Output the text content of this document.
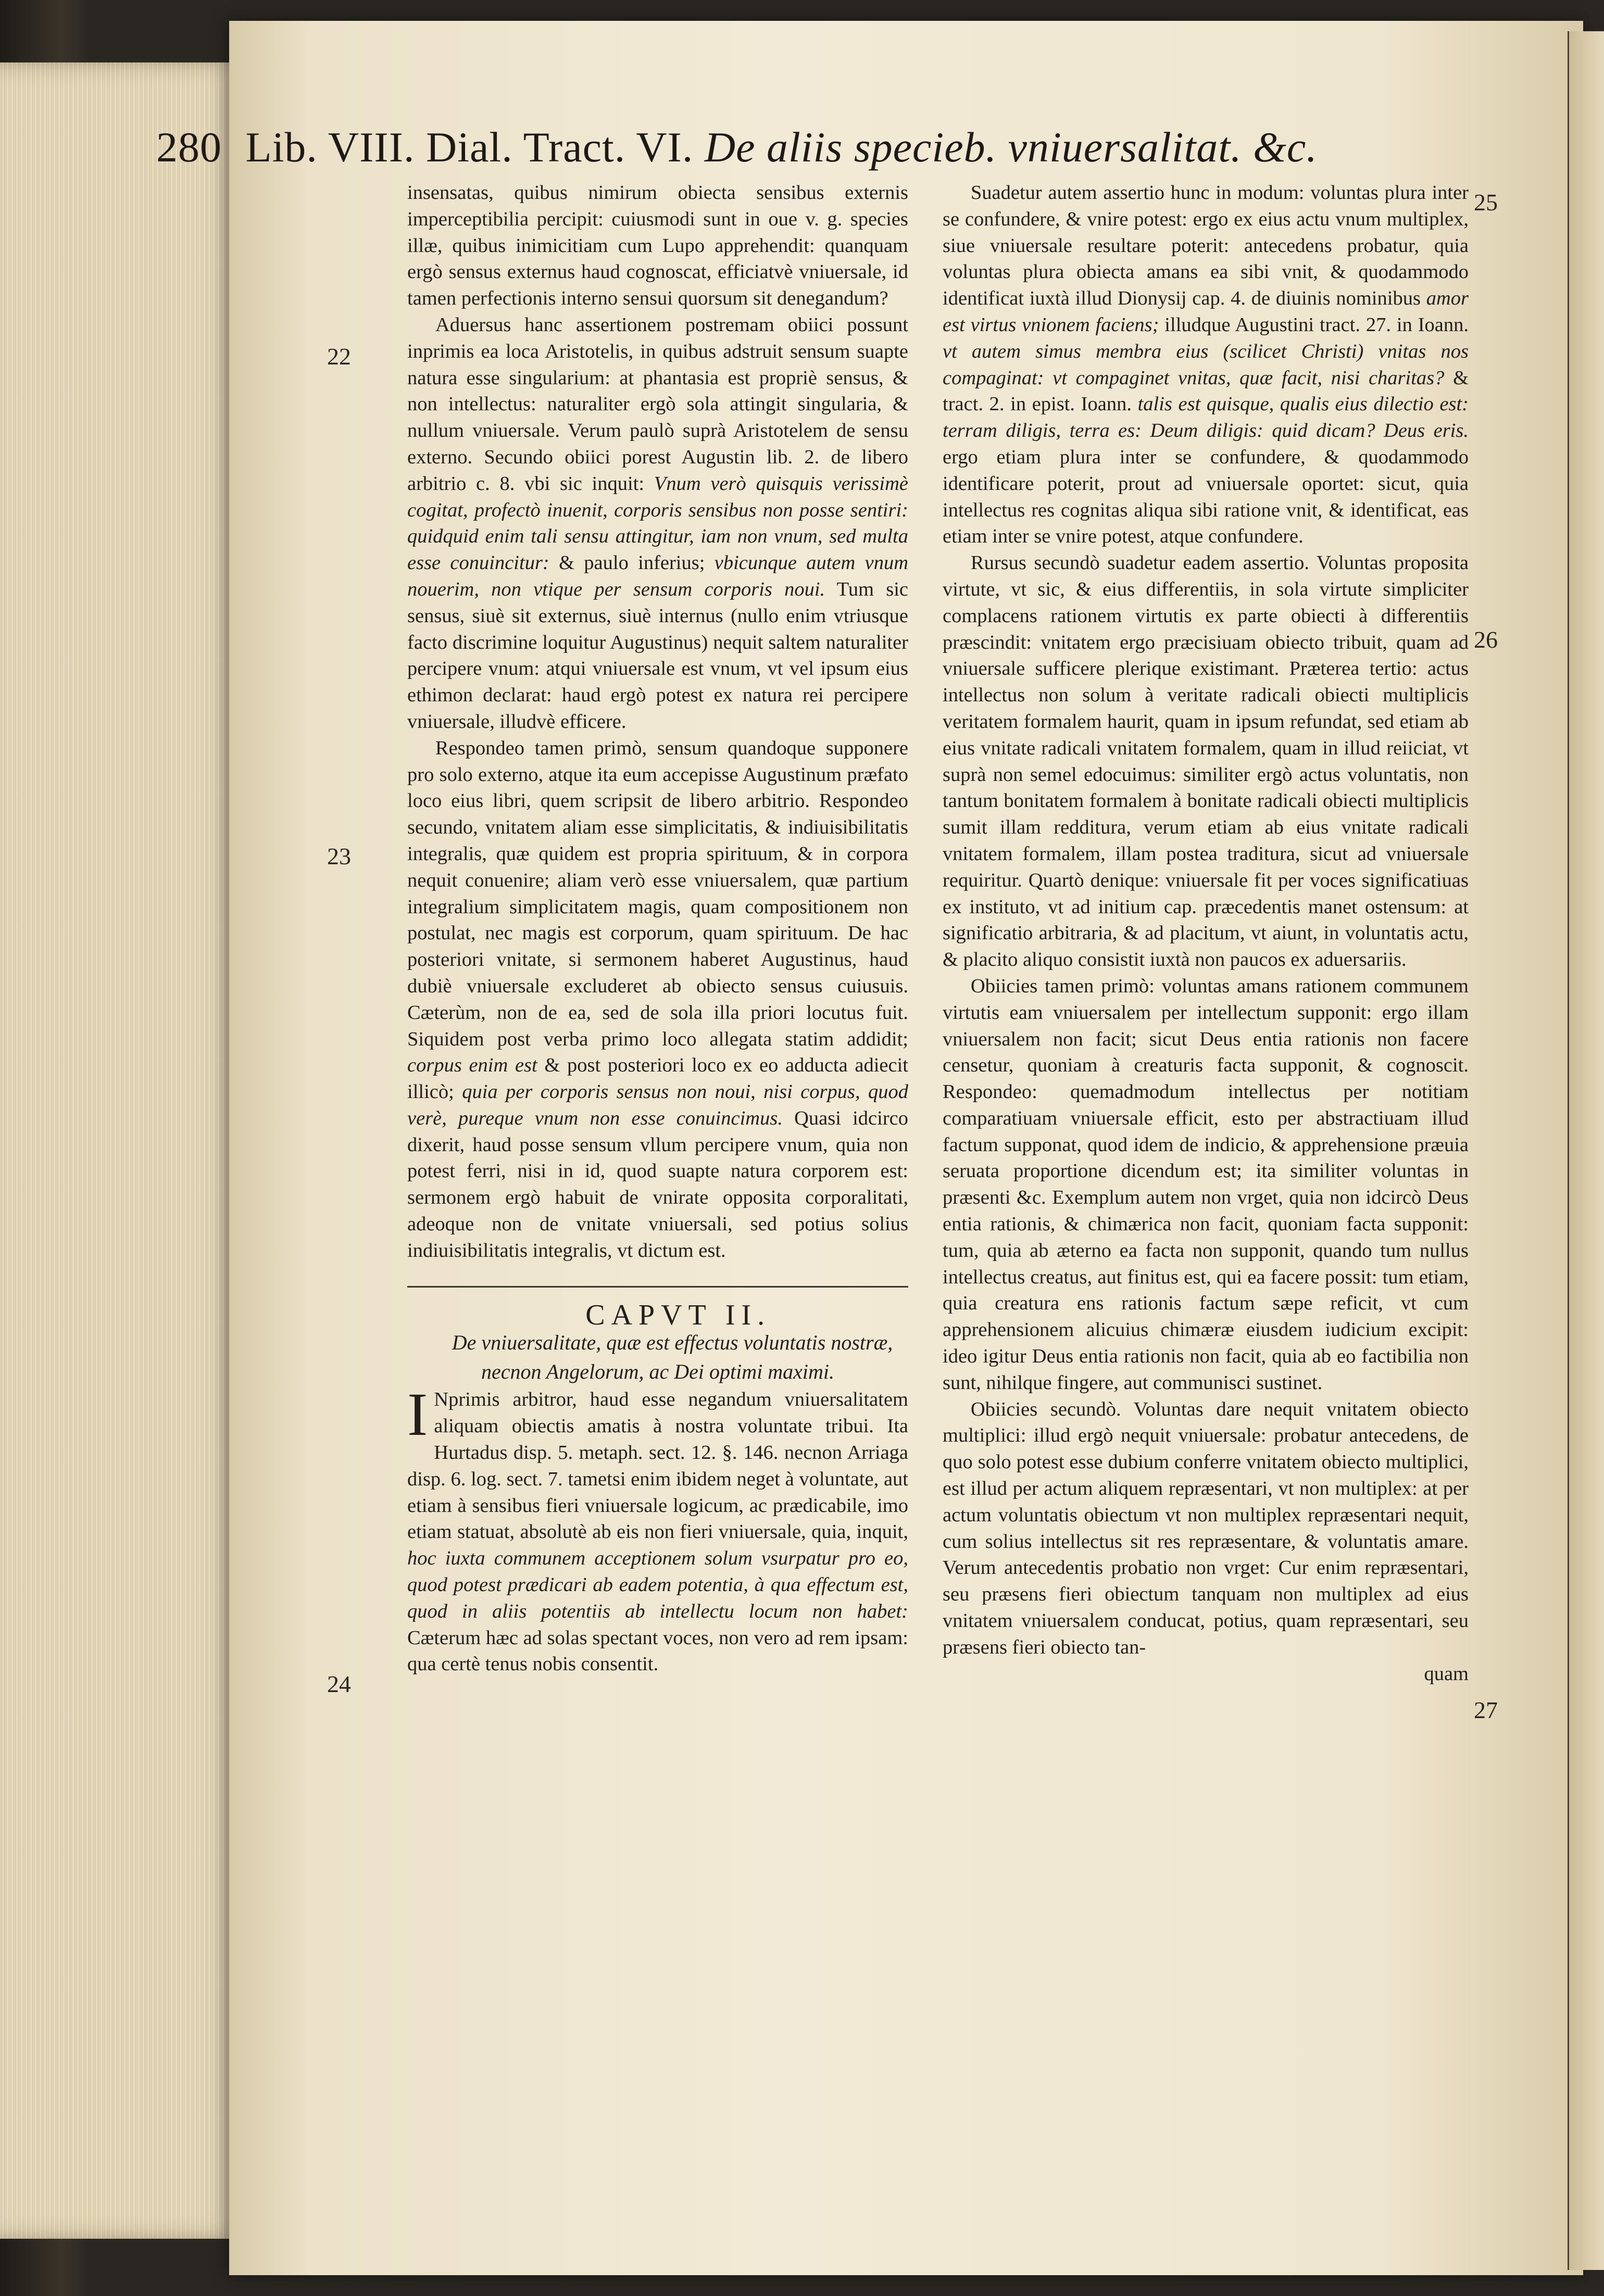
280 Lib. VIII. Dial. Tract. VI. De aliis specieb. vniuersalitat. &c.
22
23
24
25
26
27

insensatas, quibus nimirum obiecta sensibus externis imperceptibilia percipit: cuiusmodi sunt in oue v. g. species illæ, quibus inimicitiam cum Lupo apprehendit: quanquam ergò sensus externus haud cognoscat, efficiatvè vniuersale, id tamen perfectionis interno sensui quorsum sit denegandum?

Aduersus hanc assertionem postremam obiici possunt inprimis ea loca Aristotelis, in quibus adstruit sensum suapte natura esse singularium: at phantasia est propriè sensus, & non intellectus: naturaliter ergò sola attingit singularia, & nullum vniuersale. Verum paulò suprà Aristotelem de sensu externo. Secundo obiici porest Augustin lib. 2. de libero arbitrio c. 8. vbi sic inquit: Vnum verò quisquis verissimè cogitat, profectò inuenit, corporis sensibus non posse sentiri: quidquid enim tali sensu attingitur, iam non vnum, sed multa esse conuincitur: & paulo inferius; vbicunque autem vnum nouerim, non vtique per sensum corporis noui. Tum sic sensus, siuè sit externus, siuè internus (nullo enim vtriusque facto discrimine loquitur Augustinus) nequit saltem naturaliter percipere vnum: atqui vniuersale est vnum, vt vel ipsum eius ethimon declarat: haud ergò potest ex natura rei percipere vniuersale, illudvè efficere.

Respondeo tamen primò, sensum quandoque supponere pro solo externo, atque ita eum accepisse Augustinum præfato loco eius libri, quem scripsit de libero arbitrio. Respondeo secundo, vnitatem aliam esse simplicitatis, & indiuisibilitatis integralis, quæ quidem est propria spirituum, & in corpora nequit conuenire; aliam verò esse vniuersalem, quæ partium integralium simplicitatem magis, quam compositionem non postulat, nec magis est corporum, quam spirituum. De hac posteriori vnitate, si sermonem haberet Augustinus, haud dubiè vniuersale excluderet ab obiecto sensus cuiusuis. Cæterùm, non de ea, sed de sola illa priori locutus fuit. Siquidem post verba primo loco allegata statim addidit; corpus enim est & post posteriori loco ex eo adducta adiecit illicò; quia per corporis sensus non noui, nisi corpus, quod verè, pureque vnum non esse conuincimus. Quasi idcirco dixerit, haud posse sensum vllum percipere vnum, quia non potest ferri, nisi in id, quod suapte natura corporem est: sermonem ergò habuit de vnirate opposita corporalitati, adeoque non de vnitate vniuersali, sed potius solius indiuisibilitatis integralis, vt dictum est.

CAPVT II.

De vniuersalitate, quæ est effectus voluntatis nostræ, necnon Angelorum, ac Dei optimi maximi.

I Nprimis arbitror, haud esse negandum vniuersalitatem aliquam obiectis amatis à nostra voluntate tribui. Ita Hurtadus disp. 5. metaph. sect. 12. §. 146. necnon Arriaga disp. 6. log. sect. 7. tametsi enim ibidem neget à voluntate, aut etiam à sensibus fieri vniuersale logicum, ac prædicabile, imo etiam statuat, absolutè ab eis non fieri vniuersale, quia, inquit, hoc iuxta communem acceptionem solum vsurpatur pro eo, quod potest prædicari ab eadem potentia, à qua effectum est, quod in aliis potentiis ab intellectu locum non habet: Cæterum hæc ad solas spectant voces, non vero ad rem ipsam: qua certè tenus nobis consentit.

Suadetur autem assertio hunc in modum: voluntas plura inter se confundere, & vnire potest: ergo ex eius actu vnum multiplex, siue vniuersale resultare poterit: antecedens probatur, quia voluntas plura obiecta amans ea sibi vnit, & quodammodo identificat iuxtà illud Dionysij cap. 4. de diuinis nominibus amor est virtus vnionem faciens; illudque Augustini tract. 27. in Ioann. vt autem simus membra eius (scilicet Christi) vnitas nos compaginat: vt compaginet vnitas, quæ facit, nisi charitas? & tract. 2. in epist. Ioann. talis est quisque, qualis eius dilectio est: terram diligis, terra es: Deum diligis: quid dicam? Deus eris. ergo etiam plura inter se confundere, & quodammodo identificare poterit, prout ad vniuersale oportet: sicut, quia intellectus res cognitas aliqua sibi ratione vnit, & identificat, eas etiam inter se vnire potest, atque confundere.

Rursus secundò suadetur eadem assertio. Voluntas proposita virtute, vt sic, & eius differentiis, in sola virtute simpliciter complacens rationem virtutis ex parte obiecti à differentiis præscindit: vnitatem ergo præcisiuam obiecto tribuit, quam ad vniuersale sufficere plerique existimant. Præterea tertio: actus intellectus non solum à veritate radicali obiecti multiplicis veritatem formalem haurit, quam in ipsum refundat, sed etiam ab eius vnitate radicali vnitatem formalem, quam in illud reiiciat, vt suprà non semel edocuimus: similiter ergò actus voluntatis, non tantum bonitatem formalem à bonitate radicali obiecti multiplicis sumit illam redditura, verum etiam ab eius vnitate radicali vnitatem formalem, illam postea traditura, sicut ad vniuersale requiritur. Quartò denique: vniuersale fit per voces significatiuas ex instituto, vt ad initium cap. præcedentis manet ostensum: at significatio arbitraria, & ad placitum, vt aiunt, in voluntatis actu, & placito aliquo consistit iuxtà non paucos ex aduersariis.

Obiicies tamen primò: voluntas amans rationem communem virtutis eam vniuersalem per intellectum supponit: ergo illam vniuersalem non facit; sicut Deus entia rationis non facere censetur, quoniam à creaturis facta supponit, & cognoscit. Respondeo: quemadmodum intellectus per notitiam comparatiuam vniuersale efficit, esto per abstractiuam illud factum supponat, quod idem de indicio, & apprehensione præuia seruata proportione dicendum est; ita similiter voluntas in præsenti &c. Exemplum autem non vrget, quia non idcircò Deus entia rationis, & chimærica non facit, quoniam facta supponit: tum, quia ab æterno ea facta non supponit, quando tum nullus intellectus creatus, aut finitus est, qui ea facere possit: tum etiam, quia creatura ens rationis factum sæpe reficit, vt cum apprehensionem alicuius chimæræ eiusdem iudicium excipit: ideo igitur Deus entia rationis non facit, quia ab eo factibilia non sunt, nihilque fingere, aut communisci sustinet.

Obiicies secundò. Voluntas dare nequit vnitatem obiecto multiplici: illud ergò nequit vniuersale: probatur antecedens, de quo solo potest esse dubium conferre vnitatem obiecto multiplici, est illud per actum aliquem repræsentari, vt non multiplex: at per actum voluntatis obiectum vt non multiplex repræsentari nequit, cum solius intellectus sit res repræsentare, & voluntatis amare. Verum antecedentis probatio non vrget: Cur enim repræsentari, seu præsens fieri obiectum tanquam non multiplex ad eius vnitatem vniuersalem conducat, potius, quam repræsentari, seu præsens fieri obiecto tan-

quam
